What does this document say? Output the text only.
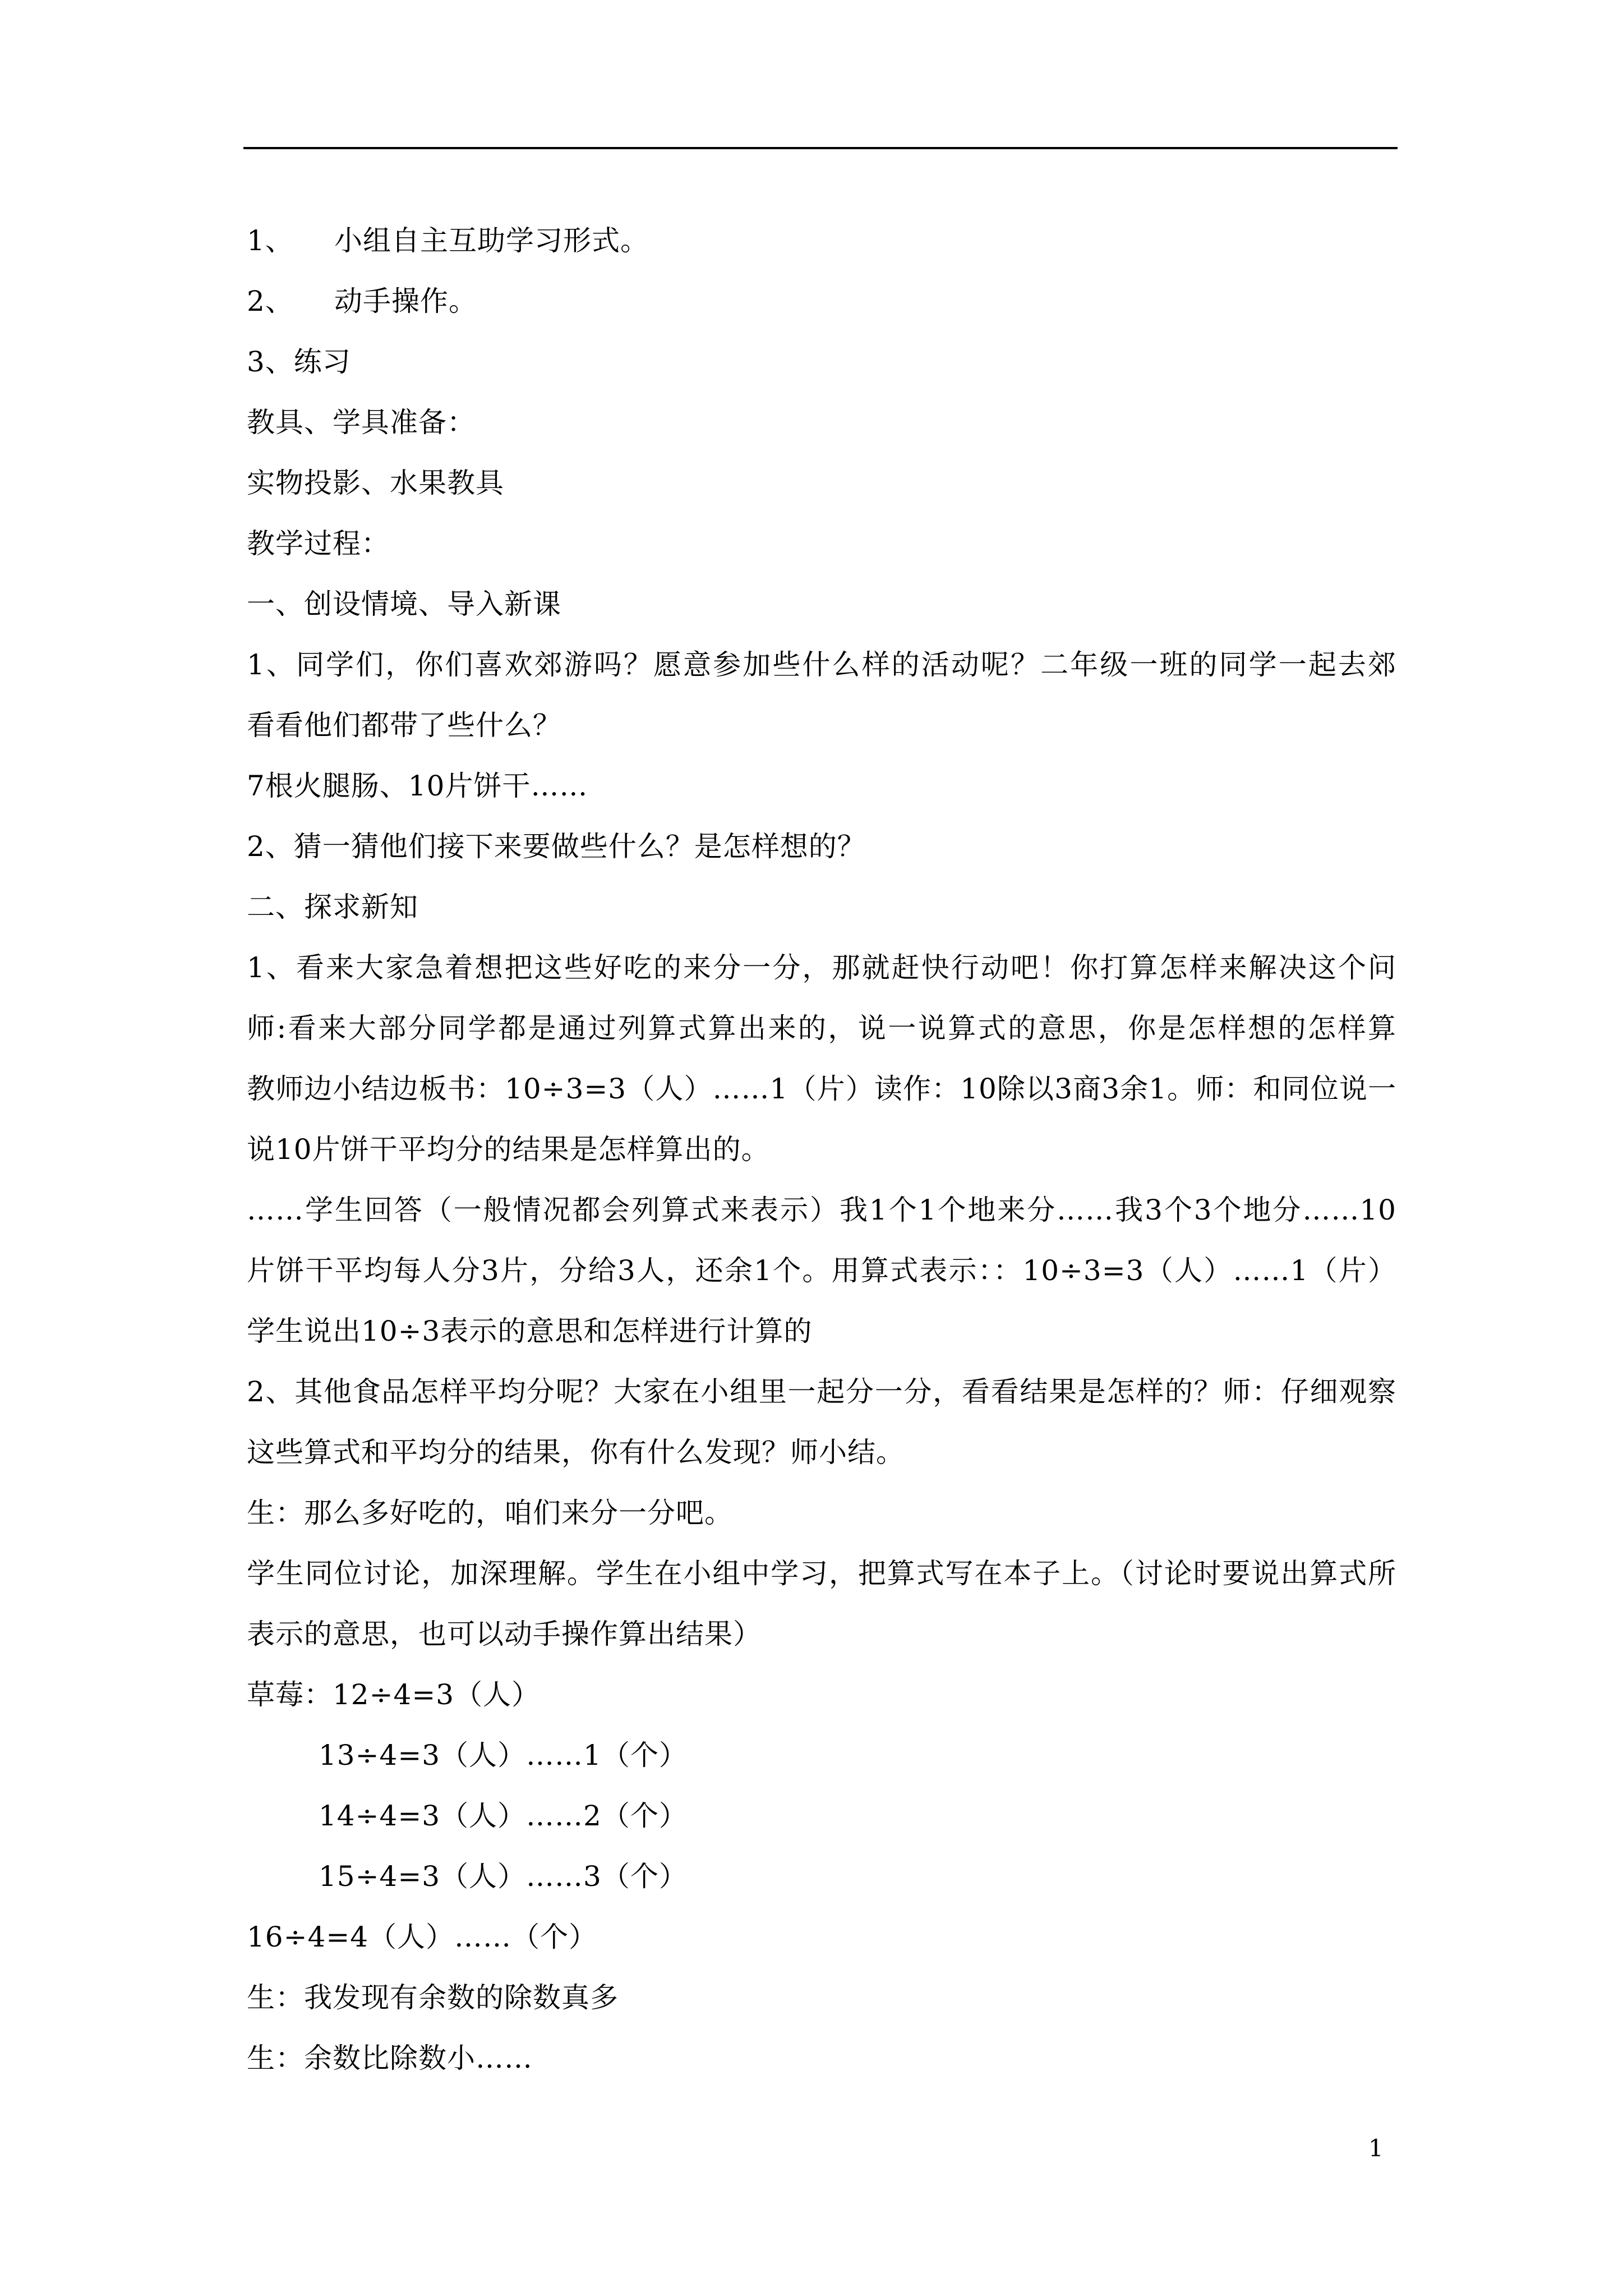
1、 小组自主互助学习形式。
2、 动手操作。
3、练习
教具、学具准备：
实物投影、水果教具
教学过程：
一、创设情境、导入新课
1、同学们，你们喜欢郊游吗？愿意参加些什么样的活动呢？二年级一班的同学一起去郊
看看他们都带了些什么？
7根火腿肠、10片饼干……
2、猜一猜他们接下来要做些什么？是怎样想的？
二、探求新知
1、看来大家急着想把这些好吃的来分一分，那就赶快行动吧！你打算怎样来解决这个问
师:看来大部分同学都是通过列算式算出来的，说一说算式的意思，你是怎样想的怎样算
教师边小结边板书：10÷3=3（人）……1（片）读作：10除以3商3余1。师：和同位说一
说10片饼干平均分的结果是怎样算出的。
……学生回答（一般情况都会列算式来表示）我1个1个地来分……我3个3个地分……10
片饼干平均每人分3片，分给3人，还余1个。用算式表示：：10÷3=3（人）……1（片）
学生说出10÷3表示的意思和怎样进行计算的
2、其他食品怎样平均分呢？大家在小组里一起分一分，看看结果是怎样的？师：仔细观察
这些算式和平均分的结果，你有什么发现？师小结。
生：那么多好吃的，咱们来分一分吧。
学生同位讨论，加深理解。学生在小组中学习，把算式写在本子上。（讨论时要说出算式所
表示的意思，也可以动手操作算出结果）
草莓：12÷4=3（人）
13÷4=3（人）……1（个）
14÷4=3（人）……2（个）
15÷4=3（人）……3（个）
16÷4=4（人）……（个）
生：我发现有余数的除数真多
生：余数比除数小……
1
